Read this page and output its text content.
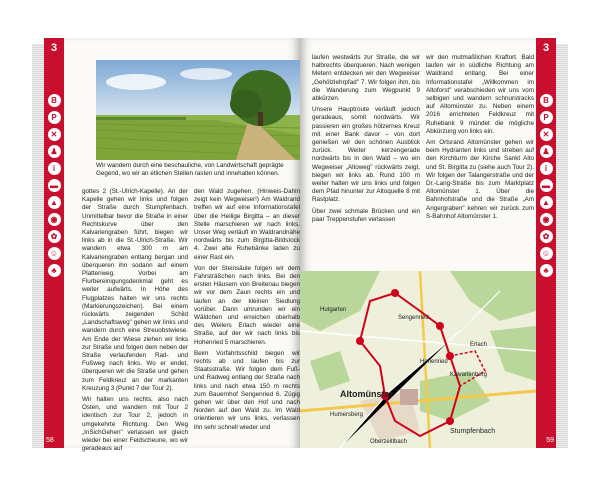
Wir wandern durch eine beschauliche, von Landwirtschaft geprägte Gegend, wo wir an etlichen Stellen rasten und innehalten können.

gottes 2 (St.-Ulrich-Kapelle). An der Kapelle gehen wir links und folgen der Straße durch Stumpfenbach. Unmittelbar bevor die Straße in einer Rechtskurve über den Kalvariengraben führt, biegen wir links ab in die St.-Ulrich-Straße. Wir wandern etwa 300 m am Kalvariengraben entlang bergan und überqueren ihn sodann auf einem Plattenweg. Vorbei am Flurbereinigungsdenkmal geht es weiter aufwärts. In Höhe des Flugplatzes halten wir uns rechts (Markierungszeichen). Bei einem rückwärts zeigenden Schild „Landschaftsweg" gehen wir links und wandern durch eine Streuobstwiese. Am Ende der Wiese ziehen wir links zur Straße und folgen dem neben der Straße verlaufenden Rad- und Fußweg nach links. Wo er endet, überqueren wir die Straße und gehen zum Feldkreuz an der markanten Kreuzung 3 (Punkt 7 der Tour 2).

Wir halten uns rechts, also nach Osten, und wandern mit Tour 2 identisch zur Tour 2, jedoch in umgekehrte Richtung. Den Weg „InSichGehen" verlassen wir gleich wieder bei einer Feldscheune, wo wir geradeaus auf

den Wald zugehen. (Hinweis-Dahin zeigt kein Wegweiser!) Am Waldrand treffen wir auf eine Informationstafel über die Heilige Birgitta – an dieser Stelle marschieren wir nach links. Unser Weg verläuft im Waldrandnähe nordwärts bis zum Birgitta-Bildstock 4. Zwei alte Ruhebänke laden zu einer Rast ein.

Von der Steinsäule folgen wir dem Fahrsträßchen nach links. Bei den ersten Häusern von Breitenau biegen wir vor dem Zaun rechts ein und laufen an der kleinen Siedlung vorüber. Dann umrunden wir ein Wäldchen und erreichen oberhalb des Weilers Erlach wieder eine Straße, auf der wir nach links bis Hohenried 5 marschieren.

Beim Vorfahrtsschild biegen wir rechts ab und laufen bis zur Staatsstraße. Wir folgen dem Fuß- und Radweg entlang der Straße nach links und nach etwa 150 m rechts zum Bauernhof Sengenried 6. Zügig gehen wir über den Hof und nach Norden auf den Wald zu. Im Wald orientieren wir uns links, verlassen ihn sehr schnell wieder und

laufen westwärts zur Straße, die wir halbrechts überqueren. Nach wenigen Metern entdecken wir den Wegweiser „Gehölzlehrpfad" 7. Wir folgen ihm, bis die Wanderung zum Wegpunkt 9 abkürzen.

Unsere Hauptroute verläuft jedoch geradeaus, somit nordwärts. Wir passieren ein großes hölzernes Kreuz mit einer Bank davor – von dort genießen wir den schönen Ausblick zurück. Weiter kerzengerade nordwärts bis in den Wald – wo ein Wegweiser „Altoweg" rückwärts zeigt, biegen wir links ab. Rund 100 m weiter halten wir uns links und folgen dem Pfad hinunter zur Altoquelle 8 mit Rastplatz.

Über zwei schmale Brücken und ein paar Treppenstufen verlassen

wir den mutmaßlichen Kraftort. Bald laufen wir in südliche Richtung am Waldrand entlang. Bei einer Informationstafel „Willkommen im Altoforst" verabschieden wir uns vom selbigen und wandern schnurstracks auf Altomünster zu. Neben einem 2016 errichteten Feldkreuz mit Ruhebank 9 mündet die mögliche Abkürzung von links ein.

Am Ortsrand Altomünster gehen wir beim Hydranten links und streben auf den Kirchturm der Kirche Sankt Alto und St. Birgitta zu (siehe auch Tour 2). Wir folgen der Talangerstraße und der Dr.-Lang-Straße bis zum Marktplatz Altomünster 1. Über die Bahnhofstraße und die Straße „Am Angergraben" kehren wir zurück zum S-Bahnhof Altomünster 1.

Altomünster
Stumpfenbach
Oberzeitlbach
Hohenried
Erlach
Sengenried
Kalvarienberg
Humersberg
Hutgarten
3
B
P
✕
♟
i
▬
▲
◉
✿
☺
♣
58
3
B
P
✕
♟
i
▬
▲
◉
✿
☺
♣
59
